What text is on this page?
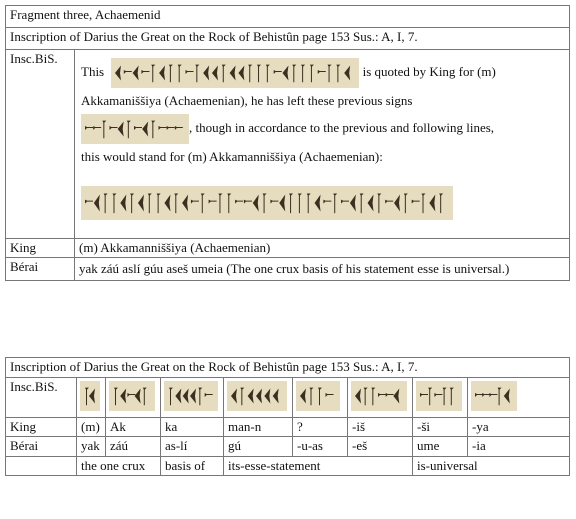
Fragment three, Achaemenid	
Inscription of Darius the Great on the Rock of Behistûn page 153 Sus.: A, I, 7.	
Insc.BiS.	This is quoted by King for (m)
Akkamaniššiya (Achaemenian), he has left these previous signs

, though in accordance to the previous and following lines,
this would stand for (m) Akkamanniššiya (Achaemenian):

King	(m) Akkamanniššiya (Achaemenian)
Bérai	yak záú aslí gúu aseš umeia (The one crux basis of his statement esse is universal.)
Inscription of Darius the Great on the Rock of Behistûn page 153 Sus.: A, I, 7.								
Insc.BiS.	

King	(m)	Ak	ka	man-n	?	-iš	-ši	-ya
Bérai	yak	záú	as-lí	gú	-u-as	-eš	ume	-ia
	the one crux		basis of	its-esse-statement			is-universal	
